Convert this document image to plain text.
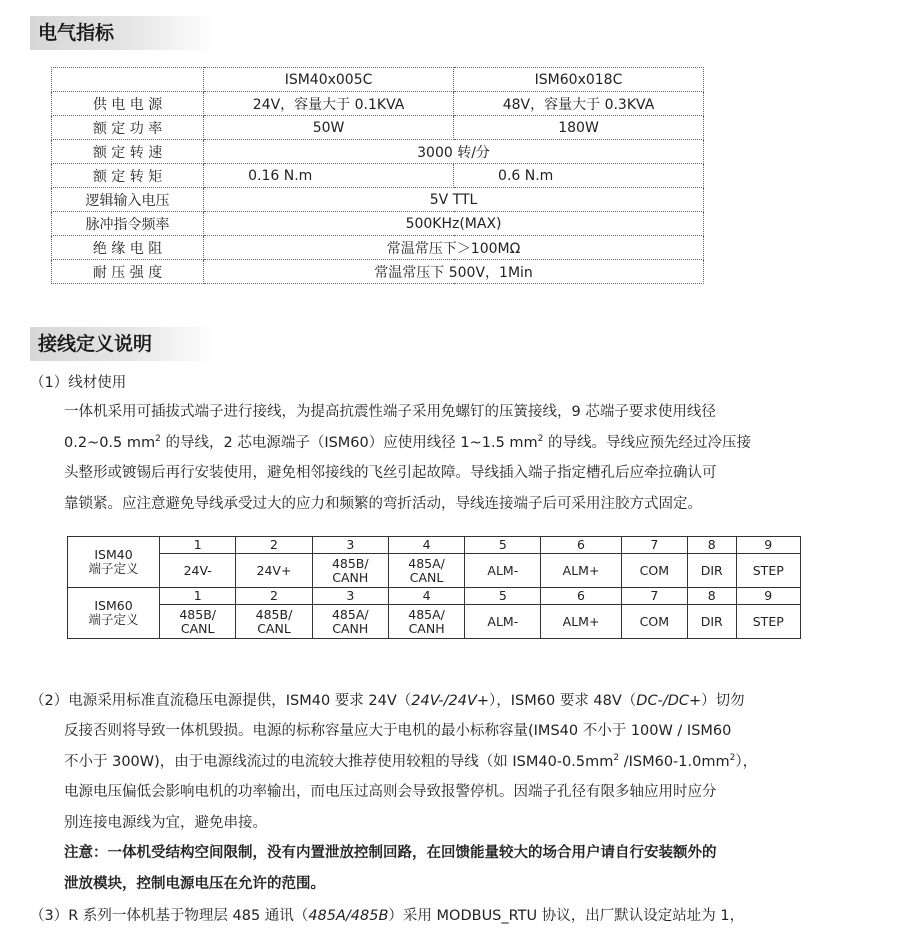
电气指标
	ISM40x005C	ISM60x018C
供 电 电 源	24V，容量大于 0.1KVA	48V，容量大于 0.3KVA
额 定 功 率	50W	180W
额 定 转 速	3000 转/分	
额 定 转 矩	0.16 N.m	0.6 N.m
逻辑输入电压	5V TTL	
脉冲指令频率	500KHz(MAX)	
绝 缘 电 阻	常温常压下＞100MΩ	
耐 压 强 度	常温常压下 500V，1Min	
接线定义说明
（1）线材使用
一体机采用可插拔式端子进行接线，为提高抗震性端子采用免螺钉的压簧接线，9 芯端子要求使用线径
0.2~0.5 $mm^2$ 的导线，2 芯电源端子（ISM60）应使用线径 1~1.5 $mm^2$ 的导线。导线应预先经过冷压接
头整形或镀锡后再行安装使用，避免相邻接线的飞丝引起故障。导线插入端子指定槽孔后应牵拉确认可
靠锁紧。应注意避免导线承受过大的应力和频繁的弯折活动，导线连接端子后可采用注胶方式固定。
ISM40
端子定义	1	2	3	4	5	6	7	8	9
	24V-	24V+	485B/
CANH	485A/
CANL	ALM-	ALM+	COM	DIR	STEP

ISM60
端子定义	1	2	3	4	5	6	7	8	9
	485B/
CANL	485B/
CANL	485A/
CANH	485A/
CANH	ALM-	ALM+	COM	DIR	STEP
（2）电源采用标准直流稳压电源提供，ISM40 要求 24V（24V-/24V+），ISM60 要求 48V（DC-/DC+）切勿
反接否则将导致一体机毁损。电源的标称容量应大于电机的最小标称容量(IMS40 不小于 100W / ISM60
不小于 300W)，由于电源线流过的电流较大推荐使用较粗的导线（如 $ISM40-0.5mm^2$ $/ISM60-1.0mm^2$），
电源电压偏低会影响电机的功率输出，而电压过高则会导致报警停机。因端子孔径有限多轴应用时应分
别连接电源线为宜，避免串接。
注意：一体机受结构空间限制，没有内置泄放控制回路，在回馈能量较大的场合用户请自行安装额外的
泄放模块，控制电源电压在允许的范围。
（3）R 系列一体机基于物理层 485 通讯（485A/485B）采用 MODBUS_RTU 协议，出厂默认设定站址为 1，
